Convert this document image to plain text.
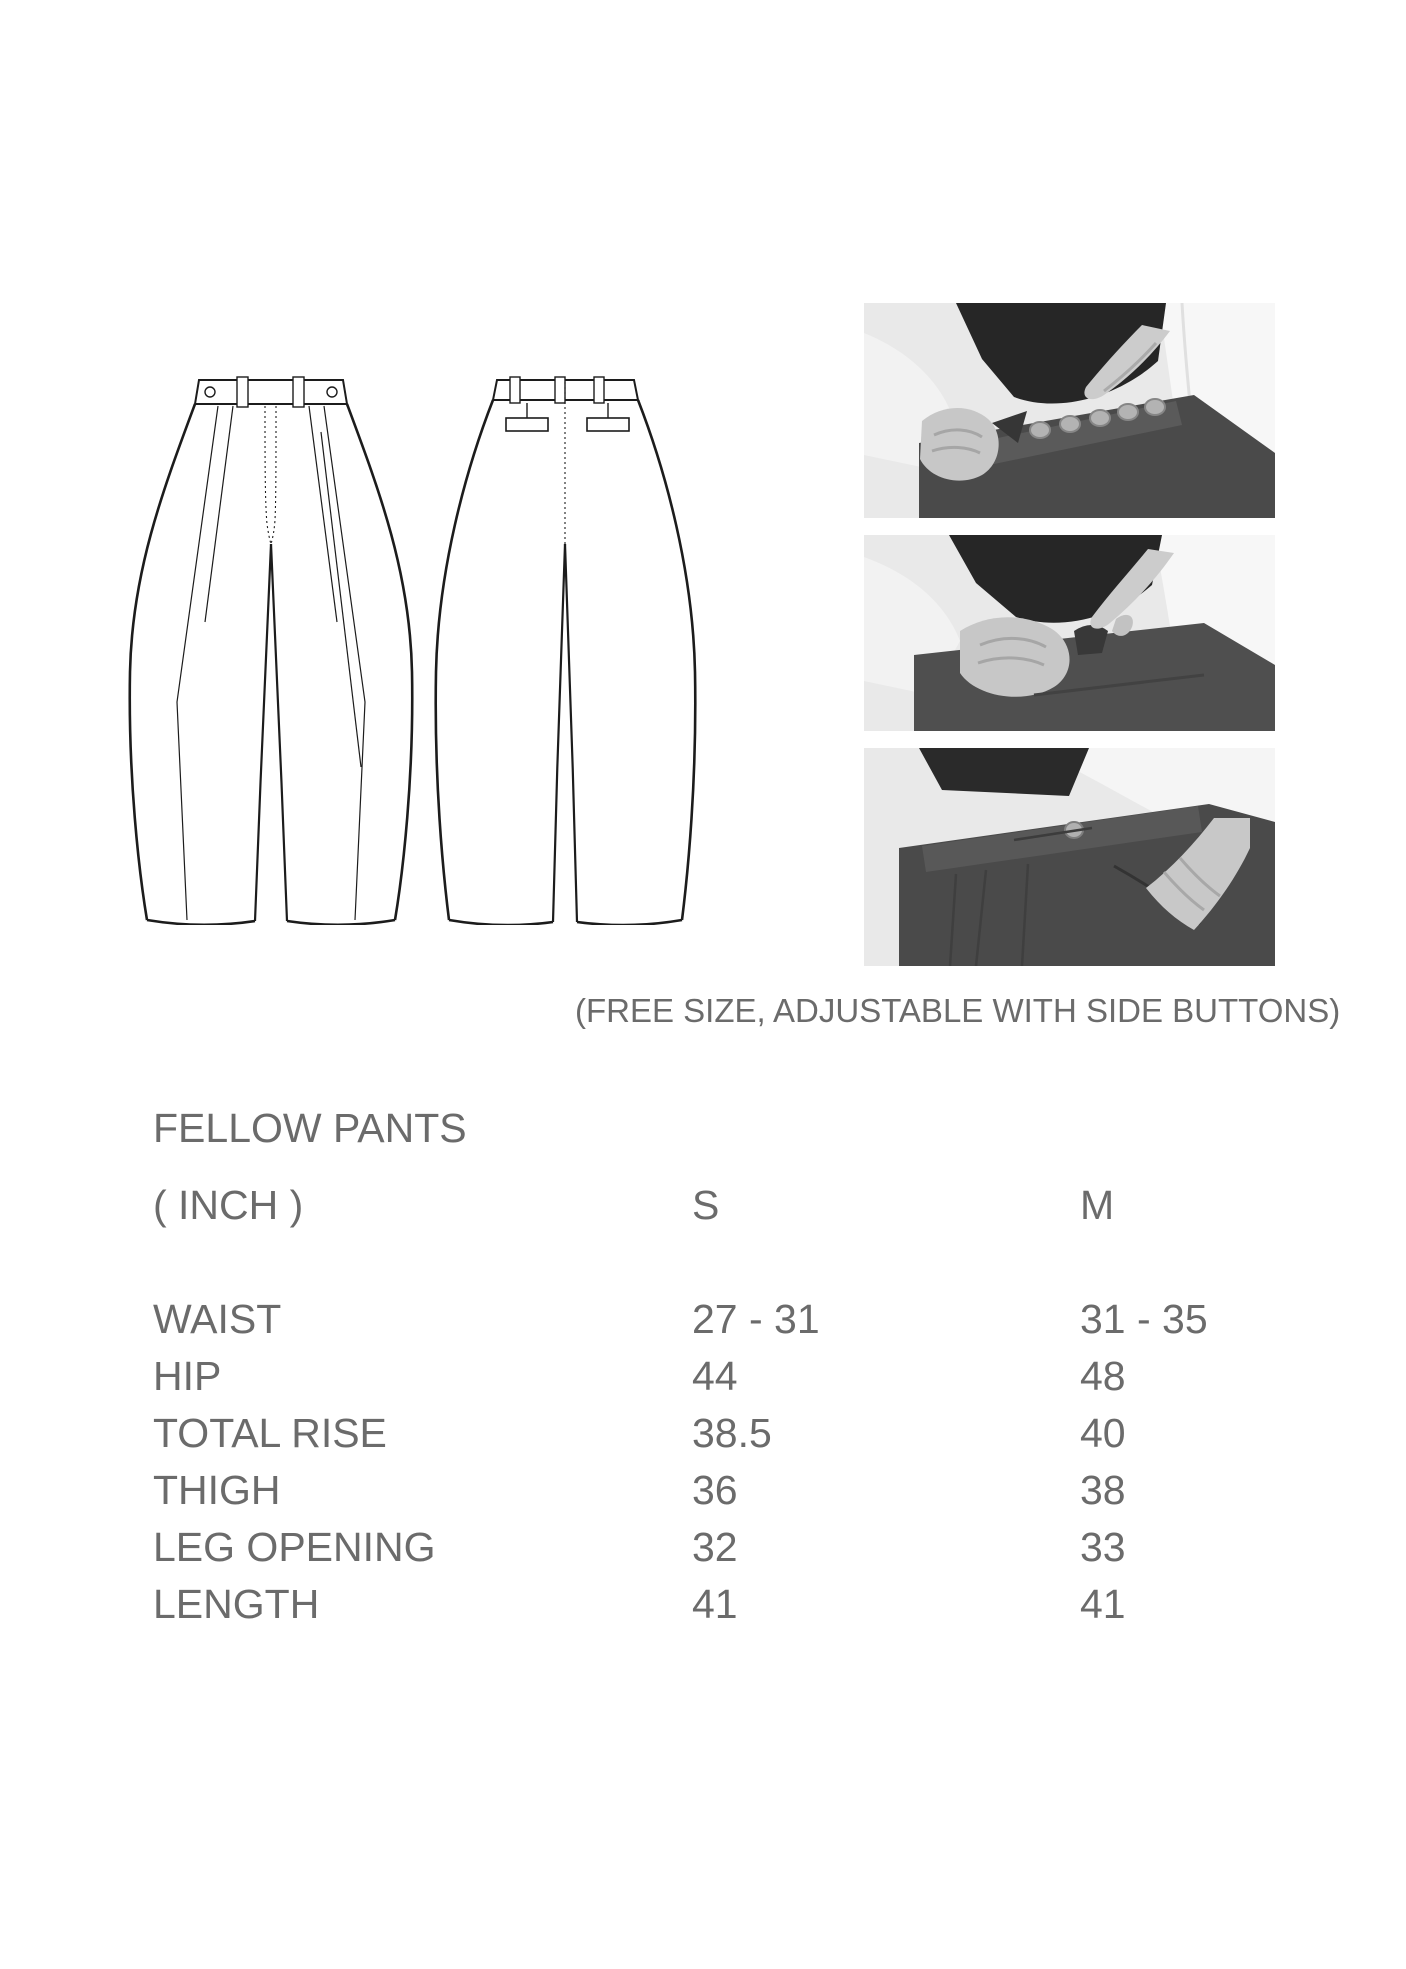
(FREE SIZE, ADJUSTABLE WITH SIDE BUTTONS)
FELLOW PANTS
( INCH )	S	M
WAIST	27 - 31	31 - 35
HIP	44	48
TOTAL RISE	38.5	40
THIGH	36	38
LEG OPENING	32	33
LENGTH	41	41
